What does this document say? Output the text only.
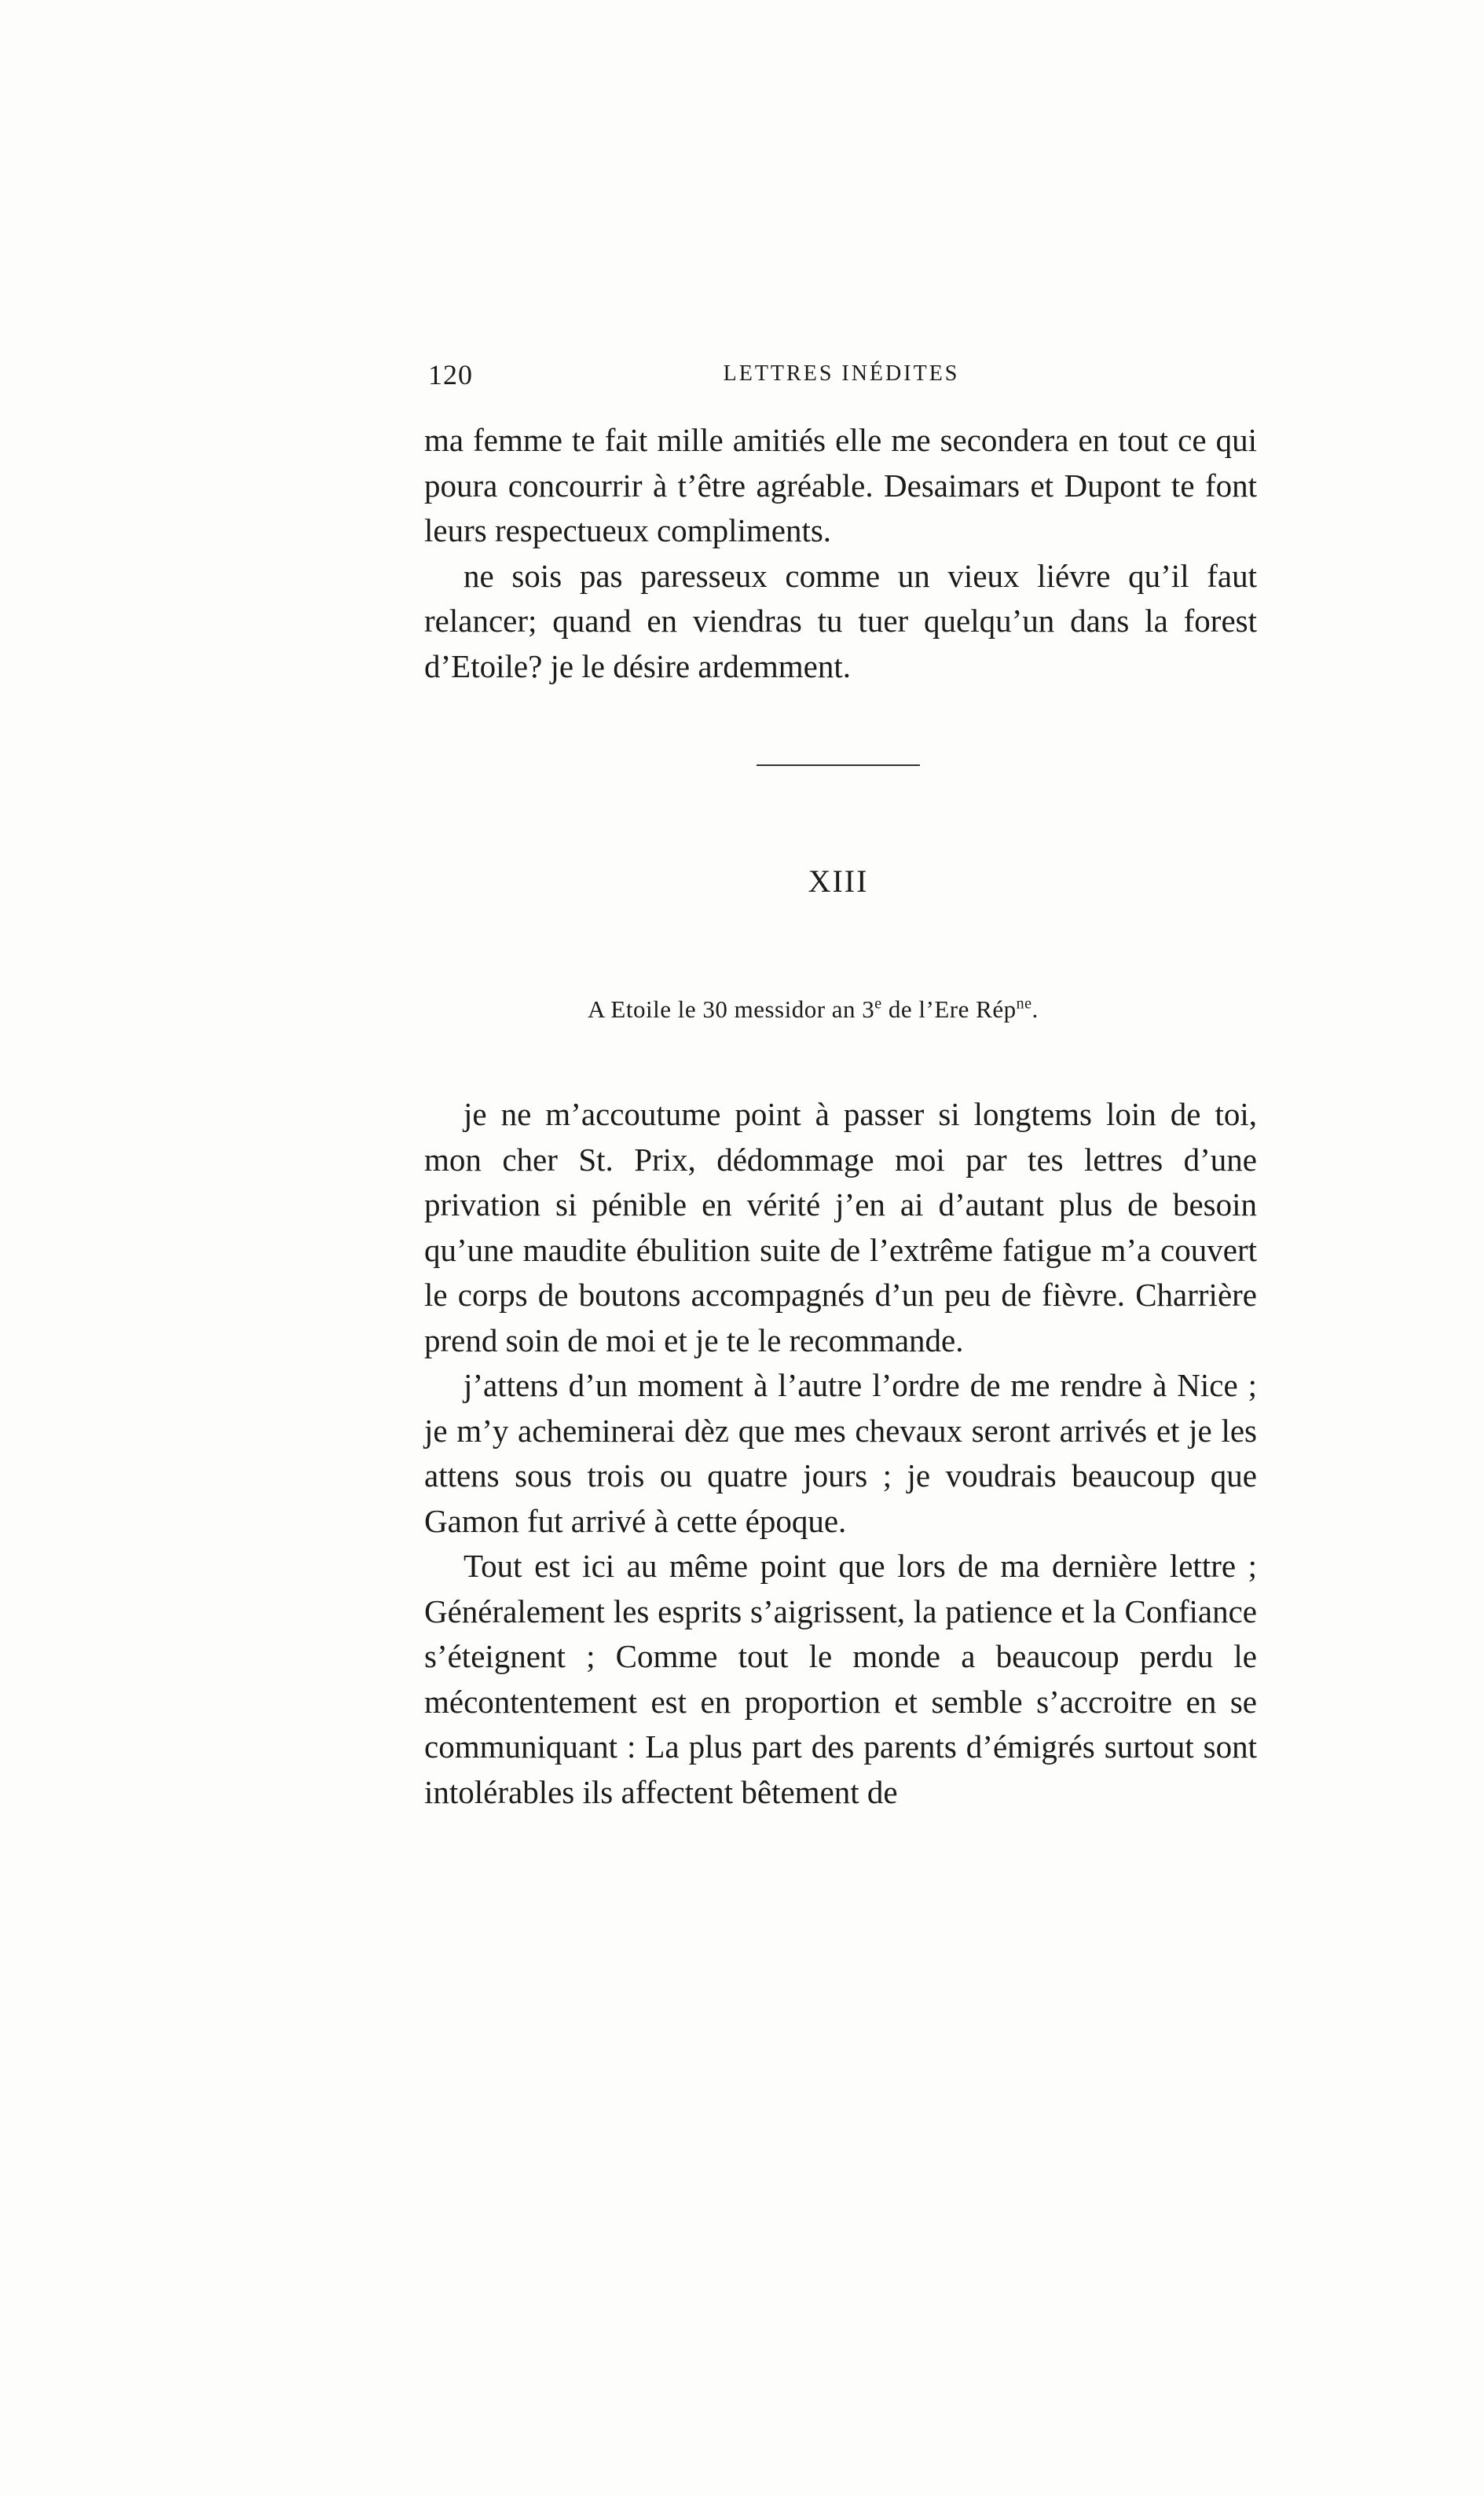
120	LETTRES INÉDITES

ma femme te fait mille amitiés elle me secondera en tout ce qui poura concourrir à t’être agréable. Desaimars et Dupont te font leurs respectueux compliments.

ne sois pas paresseux comme un vieux liévre qu’il faut relancer; quand en viendras tu tuer quelqu’un dans la forest d’Etoile? je le désire ardemment.

XIII
A Etoile le 30 messidor an 3e de l’Ere Rép$^{ne}$.

je ne m’accoutume point à passer si longtems loin de toi, mon cher St. Prix, dédommage moi par tes lettres d’une privation si pénible en vérité j’en ai d’autant plus de besoin qu’une maudite ébulition suite de l’extrême fatigue m’a couvert le corps de boutons accompagnés d’un peu de fièvre. Charrière prend soin de moi et je te le recommande.

j’attens d’un moment à l’autre l’ordre de me rendre à Nice ; je m’y acheminerai dèz que mes chevaux seront arrivés et je les attens sous trois ou quatre jours ; je voudrais beaucoup que Gamon fut arrivé à cette époque.

Tout est ici au même point que lors de ma dernière lettre ; Généralement les esprits s’aigrissent, la patience et la Confiance s’éteignent ; Comme tout le monde a beaucoup perdu le mécontentement est en proportion et semble s’accroitre en se communiquant : La plus part des parents d’émigrés surtout sont intolérables ils affectent bêtement de
